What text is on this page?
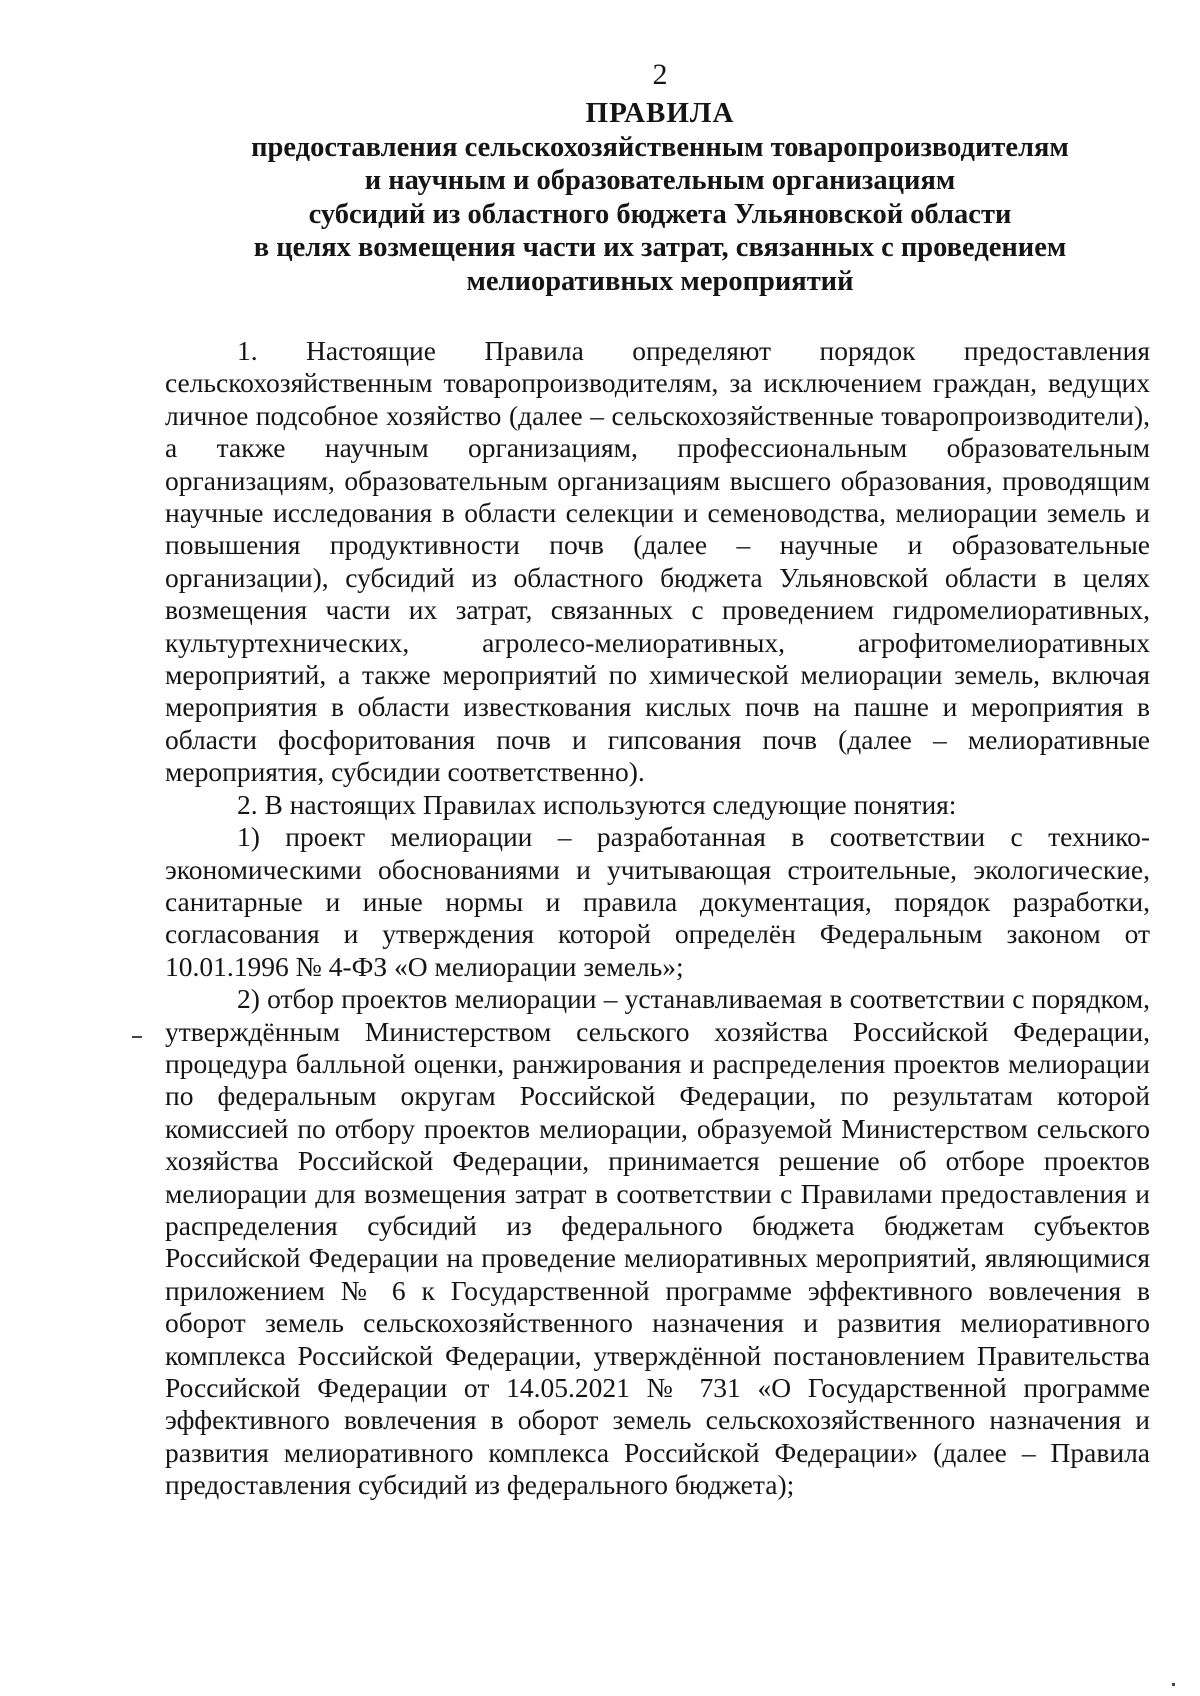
2
ПРАВИЛА
предоставления сельскохозяйственным товаропроизводителям
и научным и образовательным организациям
субсидий из областного бюджета Ульяновской области
в целях возмещения части их затрат, связанных с проведением
мелиоративных мероприятий

1. Настоящие Правила определяют порядок предоставления сельскохозяйственным товаропроизводителям, за исключением граждан, ведущих личное подсобное хозяйство (далее – сельскохозяйственные товаропроизводители), а также научным организациям, профессиональным образовательным организациям, образовательным организациям высшего образования, проводящим научные исследования в области селекции и семеноводства, мелиорации земель и повышения продуктивности почв (далее – научные и образовательные организации), субсидий из областного бюджета Ульяновской области в целях возмещения части их затрат, связанных с проведением гидромелиоративных, культуртехнических, агролесо-мелиоративных, агрофитомелиоративных мероприятий, а также мероприятий по химической мелиорации земель, включая мероприятия в области известкования кислых почв на пашне и мероприятия в области фосфоритования почв и гипсования почв (далее – мелиоративные мероприятия, субсидии соответственно).

2. В настоящих Правилах используются следующие понятия:

1) проект мелиорации – разработанная в соответствии с технико-экономическими обоснованиями и учитывающая строительные, экологические, санитарные и иные нормы и правила документация, порядок разработки, согласования и утверждения которой определён Федеральным законом от 10.01.1996 № 4-ФЗ «О мелиорации земель»;

2) отбор проектов мелиорации – устанавливаемая в соответствии с порядком, утверждённым Министерством сельского хозяйства Российской Федерации, процедура балльной оценки, ранжирования и распределения проектов мелиорации по федеральным округам Российской Федерации, по результатам которой комиссией по отбору проектов мелиорации, образуемой Министерством сельского хозяйства Российской Федерации, принимается решение об отборе проектов мелиорации для возмещения затрат в соответствии с Правилами предоставления и распределения субсидий из федерального бюджета бюджетам субъектов Российской Федерации на проведение мелиоративных мероприятий, являющимися приложением № 6 к Государственной программе эффективного вовлечения в оборот земель сельскохозяйственного назначения и развития мелиоративного комплекса Российской Федерации, утверждённой постановлением Правительства Российской Федерации от 14.05.2021 № 731 «О Государственной программе эффективного вовлечения в оборот земель сельскохозяйственного назначения и развития мелиоративного комплекса Российской Федерации» (далее – Правила предоставления субсидий из федерального бюджета);
